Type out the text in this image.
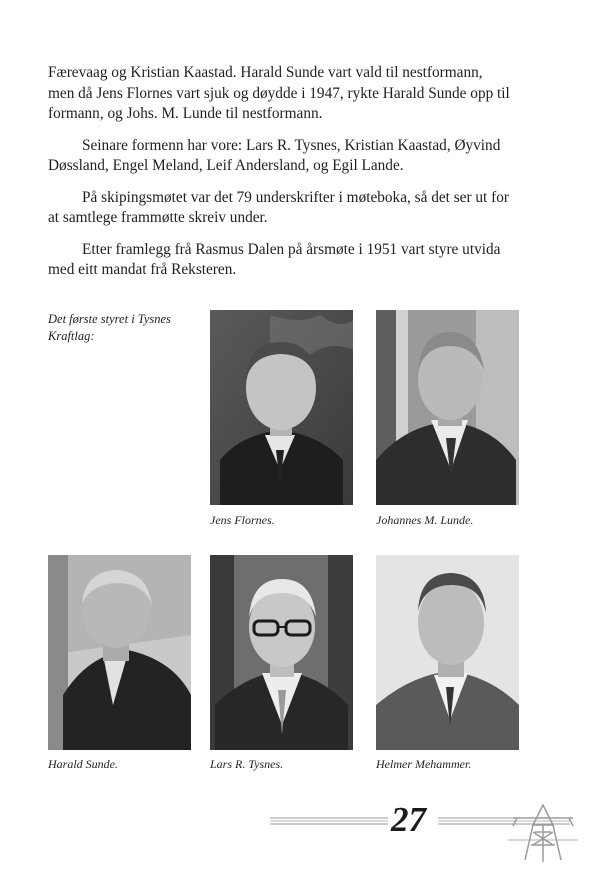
Færevaag og Kristian Kaastad. Harald Sunde vart vald til nestformann, men då Jens Flornes vart sjuk og døydde i 1947, rykte Harald Sunde opp til formann, og Johs. M. Lunde til nestformann.

Seinare formenn har vore: Lars R. Tysnes, Kristian Kaastad, Øyvind Døssland, Engel Meland, Leif Andersland, og Egil Lande.

På skipingsmøtet var det 79 underskrifter i møteboka, så det ser ut for at samtlege frammøtte skreiv under.

Etter framlegg frå Rasmus Dalen på årsmøte i 1951 vart styre utvida med eitt mandat frå Reksteren.

Det første styret i Tysnes Kraftlag:
Jens Flornes.	Johannes M. Lunde.
Harald Sunde.	Lars R. Tysnes.	Helmer Mehammer.
27
